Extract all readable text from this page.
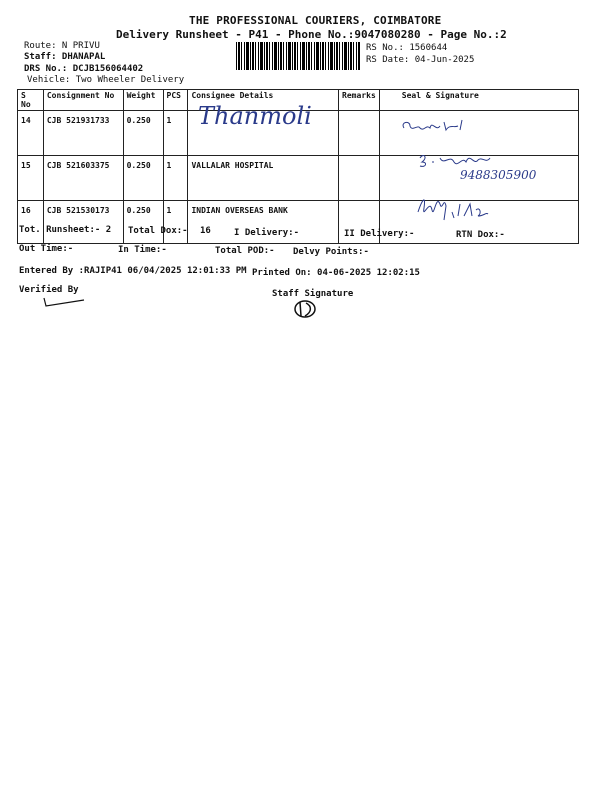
THE PROFESSIONAL COURIERS, COIMBATORE
Delivery Runsheet - P41 - Phone No.:9047080280 - Page No.:2
Route: N PRIVU
Staff: DHANAPAL
DRS No.: DCJB156064402
Vehicle: Two Wheeler Delivery
RS No.: 1560644
RS Date: 04-Jun-2025
S No	Consignment No	Weight	PCS	Consignee Details	Remarks	Seal & Signature
14	CJB 521931733	0.250	1			
15	CJB 521603375	0.250	1	VALLALAR HOSPITAL		
16	CJB 521530173	0.250	1	INDIAN OVERSEAS BANK		
Thanmoli
9488305900
Tot. Runsheet:- 2 Total Dox:- 16	I Delivery:-	II Delivery:-	RTN Dox:-
Out Time:-	In Time:-	Total POD:- Delvy Points:-
Entered By :RAJIP41 06/04/2025 12:01:33 PM Printed On: 04-06-2025 12:02:15
Verified By	Staff Signature
